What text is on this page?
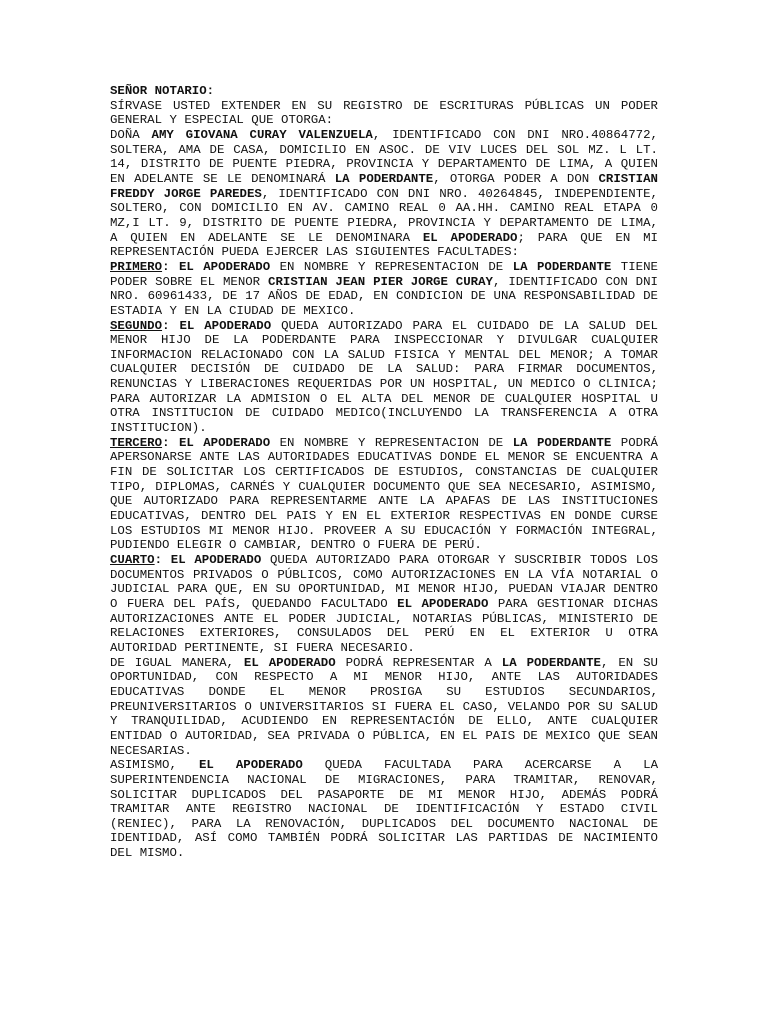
SEÑOR NOTARIO:

SÍRVASE USTED EXTENDER EN SU REGISTRO DE ESCRITURAS PÚBLICAS UN PODER GENERAL Y ESPECIAL QUE OTORGA:

DOÑA AMY GIOVANA CURAY VALENZUELA, IDENTIFICADO CON DNI NRO.40864772, SOLTERA, AMA DE CASA, DOMICILIO EN ASOC. DE VIV LUCES DEL SOL MZ. L LT. 14, DISTRITO DE PUENTE PIEDRA, PROVINCIA Y DEPARTAMENTO DE LIMA, A QUIEN EN ADELANTE SE LE DENOMINARÁ LA PODERDANTE, OTORGA PODER A DON CRISTIAN FREDDY JORGE PAREDES, IDENTIFICADO CON DNI NRO. 40264845, INDEPENDIENTE, SOLTERO, CON DOMICILIO EN AV. CAMINO REAL 0 AA.HH. CAMINO REAL ETAPA 0 MZ,I LT. 9, DISTRITO DE PUENTE PIEDRA, PROVINCIA Y DEPARTAMENTO DE LIMA, A QUIEN EN ADELANTE SE LE DENOMINARA EL APODERADO; PARA QUE EN MI REPRESENTACIÓN PUEDA EJERCER LAS SIGUIENTES FACULTADES:

PRIMERO: EL APODERADO EN NOMBRE Y REPRESENTACION DE LA PODERDANTE TIENE PODER SOBRE EL MENOR CRISTIAN JEAN PIER JORGE CURAY, IDENTIFICADO CON DNI NRO. 60961433, DE 17 AÑOS DE EDAD, EN CONDICION DE UNA RESPONSABILIDAD DE ESTADIA Y EN LA CIUDAD DE MEXICO.

SEGUNDO: EL APODERADO QUEDA AUTORIZADO PARA EL CUIDADO DE LA SALUD DEL MENOR HIJO DE LA PODERDANTE PARA INSPECCIONAR Y DIVULGAR CUALQUIER INFORMACION RELACIONADO CON LA SALUD FISICA Y MENTAL DEL MENOR; A TOMAR CUALQUIER DECISIÓN DE CUIDADO DE LA SALUD: PARA FIRMAR DOCUMENTOS, RENUNCIAS Y LIBERACIONES REQUERIDAS POR UN HOSPITAL, UN MEDICO O CLINICA; PARA AUTORIZAR LA ADMISION O EL ALTA DEL MENOR DE CUALQUIER HOSPITAL U OTRA INSTITUCION DE CUIDADO MEDICO(INCLUYENDO LA TRANSFERENCIA A OTRA INSTITUCION).

TERCERO: EL APODERADO EN NOMBRE Y REPRESENTACION DE LA PODERDANTE PODRÁ APERSONARSE ANTE LAS AUTORIDADES EDUCATIVAS DONDE EL MENOR SE ENCUENTRA A FIN DE SOLICITAR LOS CERTIFICADOS DE ESTUDIOS, CONSTANCIAS DE CUALQUIER TIPO, DIPLOMAS, CARNÉS Y CUALQUIER DOCUMENTO QUE SEA NECESARIO, ASIMISMO, QUE AUTORIZADO PARA REPRESENTARME ANTE LA APAFAS DE LAS INSTITUCIONES EDUCATIVAS, DENTRO DEL PAIS Y EN EL EXTERIOR RESPECTIVAS EN DONDE CURSE LOS ESTUDIOS MI MENOR HIJO. PROVEER A SU EDUCACIÓN Y FORMACIÓN INTEGRAL, PUDIENDO ELEGIR O CAMBIAR, DENTRO O FUERA DE PERÚ.

CUARTO: EL APODERADO QUEDA AUTORIZADO PARA OTORGAR Y SUSCRIBIR TODOS LOS DOCUMENTOS PRIVADOS O PÚBLICOS, COMO AUTORIZACIONES EN LA VÍA NOTARIAL O JUDICIAL PARA QUE, EN SU OPORTUNIDAD, MI MENOR HIJO, PUEDAN VIAJAR DENTRO O FUERA DEL PAÍS, QUEDANDO FACULTADO EL APODERADO PARA GESTIONAR DICHAS AUTORIZACIONES ANTE EL PODER JUDICIAL, NOTARIAS PÚBLICAS, MINISTERIO DE RELACIONES EXTERIORES, CONSULADOS DEL PERÚ EN EL EXTERIOR U OTRA AUTORIDAD PERTINENTE, SI FUERA NECESARIO.

DE IGUAL MANERA, EL APODERADO PODRÁ REPRESENTAR A LA PODERDANTE, EN SU OPORTUNIDAD, CON RESPECTO A MI MENOR HIJO, ANTE LAS AUTORIDADES EDUCATIVAS DONDE EL MENOR PROSIGA SU ESTUDIOS SECUNDARIOS, PREUNIVERSITARIOS O UNIVERSITARIOS SI FUERA EL CASO, VELANDO POR SU SALUD Y TRANQUILIDAD, ACUDIENDO EN REPRESENTACIÓN DE ELLO, ANTE CUALQUIER ENTIDAD O AUTORIDAD, SEA PRIVADA O PÚBLICA, EN EL PAIS DE MEXICO QUE SEAN NECESARIAS.

ASIMISMO, EL APODERADO QUEDA FACULTADA PARA ACERCARSE A LA SUPERINTENDENCIA NACIONAL DE MIGRACIONES, PARA TRAMITAR, RENOVAR, SOLICITAR DUPLICADOS DEL PASAPORTE DE MI MENOR HIJO, ADEMÁS PODRÁ TRAMITAR ANTE REGISTRO NACIONAL DE IDENTIFICACIÓN Y ESTADO CIVIL (RENIEC), PARA LA RENOVACIÓN, DUPLICADOS DEL DOCUMENTO NACIONAL DE IDENTIDAD, ASÍ COMO TAMBIÉN PODRÁ SOLICITAR LAS PARTIDAS DE NACIMIENTO DEL MISMO.
